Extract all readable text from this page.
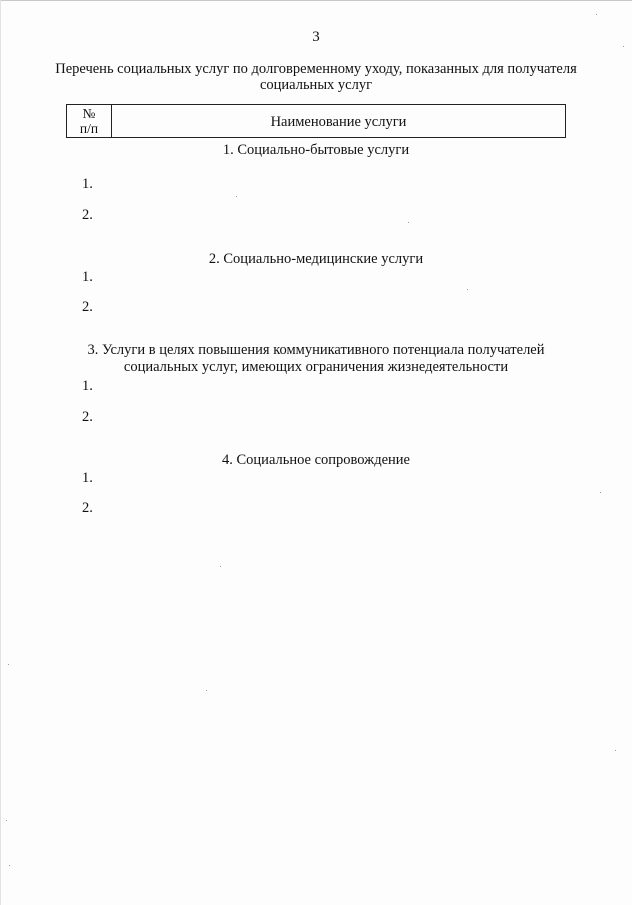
3
Перечень социальных услуг по долговременному уходу, показанных для получателя социальных услуг
№
п/п	Наименование услуги
1. Социально-бытовые услуги
1.
2.
2. Социально-медицинские услуги
1.
2.
3. Услуги в целях повышения коммуникативного потенциала получателей социальных услуг, имеющих ограничения жизнедеятельности
1.
2.
4. Социальное сопровождение
1.
2.
